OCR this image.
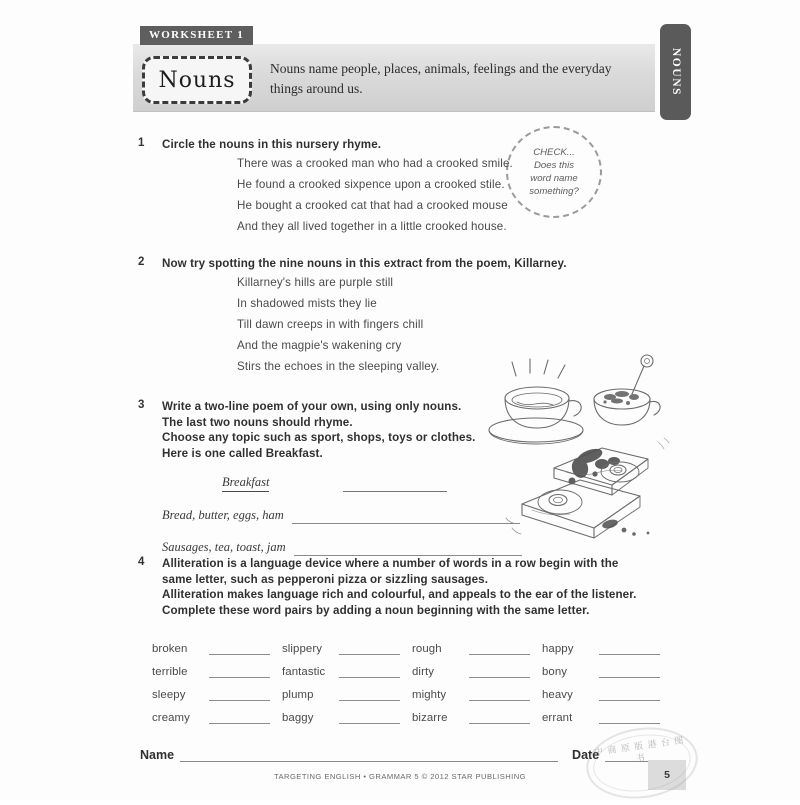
WORKSHEET 1
Nouns	Nouns name people, places, animals, feelings and the everyday things around us.	NOUNS
CHECK...
Does this
word name
something?
1	Circle the nouns in this nursery rhyme.
There was a crooked man who had a crooked smile.
He found a crooked sixpence upon a crooked stile.
He bought a crooked cat that had a crooked mouse
And they all lived together in a little crooked house.
2	Now try spotting the nine nouns in this extract from the poem, Killarney.
Killarney's hills are purple still
In shadowed mists they lie
Till dawn creeps in with fingers chill
And the magpie's wakening cry
Stirs the echoes in the sleeping valley.
3	Write a two-line poem of your own, using only nouns.
The last two nouns should rhyme.
Choose any topic such as sport, shops, toys or clothes.
Here is one called Breakfast.
Breakfast
Bread, butter, eggs, ham
Sausages, tea, toast, jam
4	Alliteration is a language device where a number of words in a row begin with the
same letter, such as pepperoni pizza or sizzling sausages.
Alliteration makes language rich and colourful, and appeals to the ear of the listener.
Complete these word pairs by adding a noun beginning with the same letter.
broken	slippery	rough	happy
terrible	fantastic	dirty	bony
sleepy	plump	mighty	heavy
creamy	baggy	bizarre	errant
Name	Date
5
TARGETING ENGLISH • GRAMMAR 5 © 2012 STAR PUBLISHING
中 商 原 版 港 台 图 书
